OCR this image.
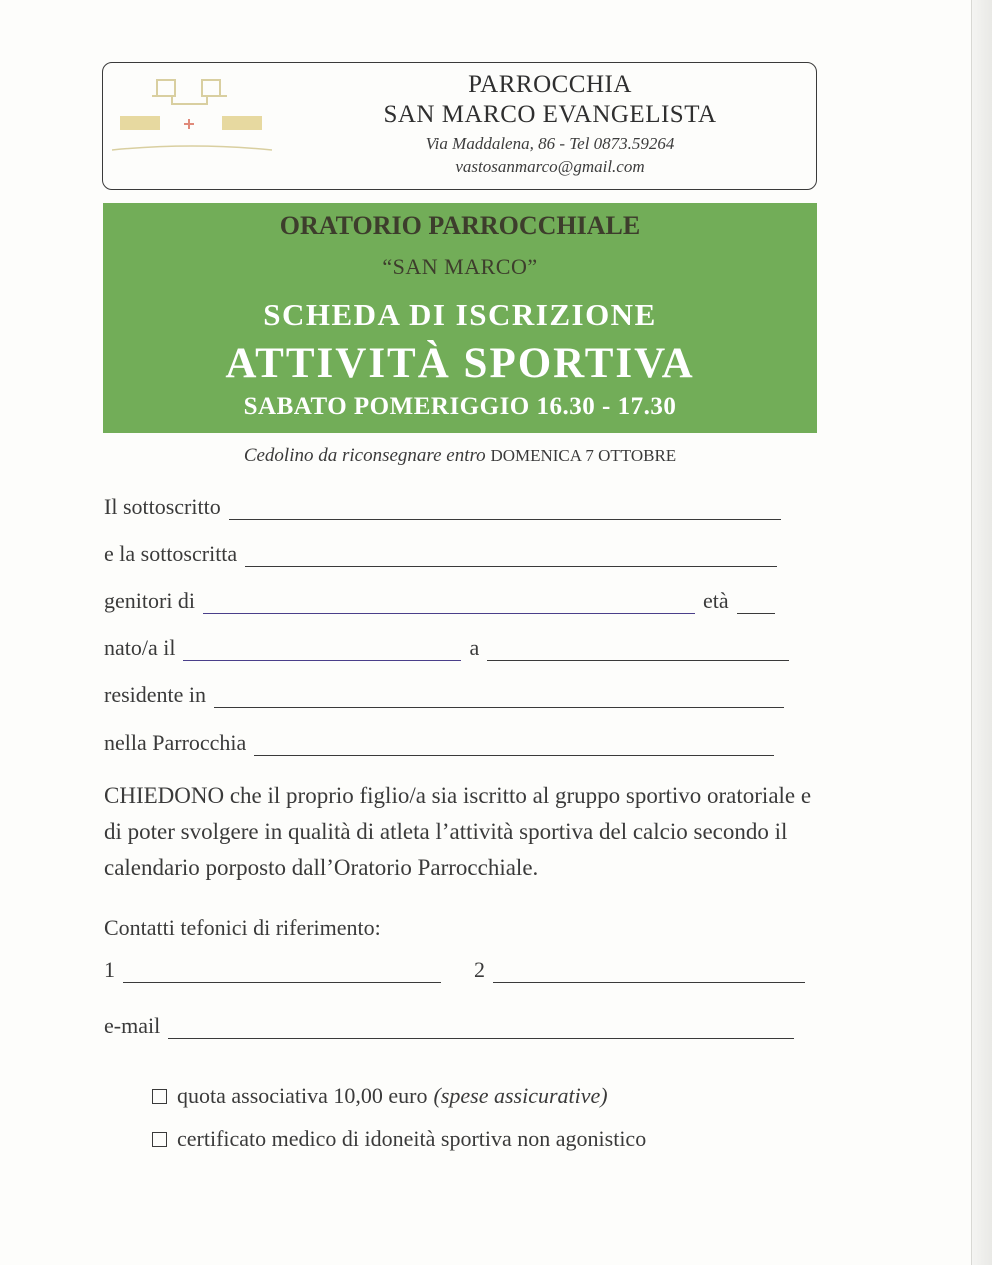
PARROCCHIA
SAN MARCO EVANGELISTA
Via Maddalena, 86 - Tel 0873.59264
vastosanmarco@gmail.com
ORATORIO PARROCCHIALE
“SAN MARCO”
SCHEDA DI ISCRIZIONE
ATTIVITÀ SPORTIVA
SABATO POMERIGGIO 16.30 - 17.30
Cedolino da riconsegnare entro DOMENICA 7 OTTOBRE
Il sottoscritto
e la sottoscritta
genitori di	età
nato/a il	a
residente in
nella Parrocchia
CHIEDONO che il proprio figlio/a sia iscritto al gruppo sportivo oratoriale e di poter svolgere in qualità di atleta l’attività sportiva del calcio secondo il calendario porposto dall’Oratorio Parrocchiale.
Contatti tefonici di riferimento:
1	2
e-mail
quota associativa 10,00 euro (spese assicurative)
certificato medico di idoneità sportiva non agonistico
